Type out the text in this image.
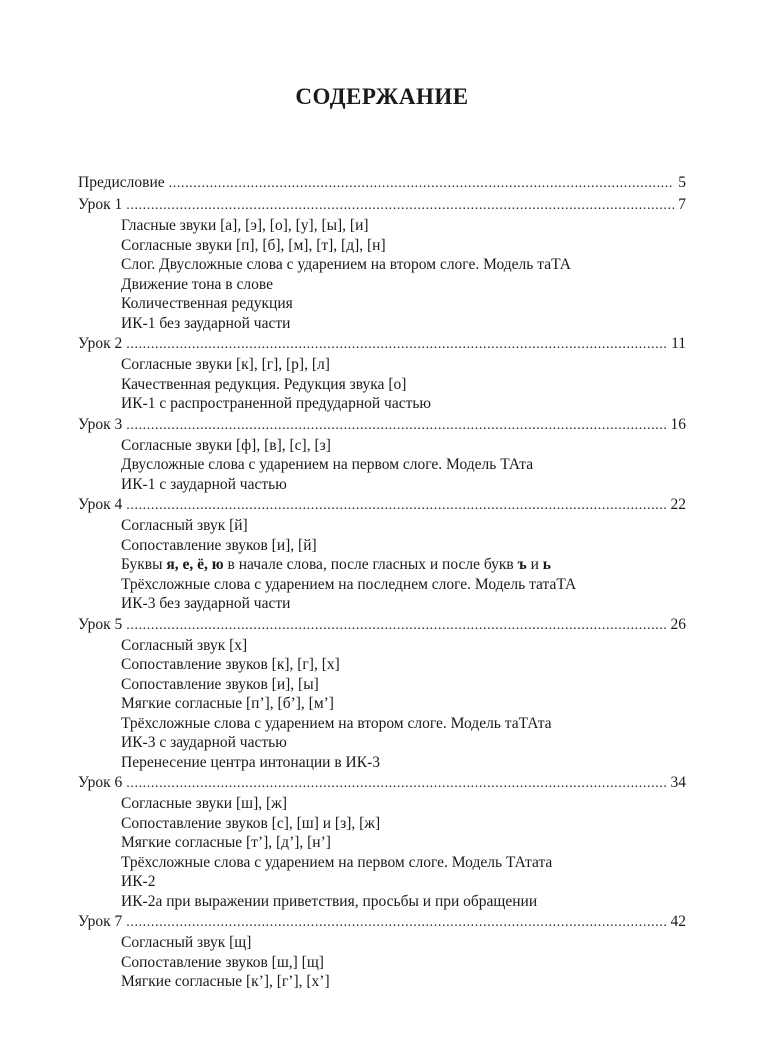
СОДЕРЖАНИЕ
Предисловие .....	5
Урок 1 .....	7
Гласные звуки [а], [э], [о], [у], [ы], [и]
Согласные звуки [п], [б], [м], [т], [д], [н]
Слог. Двусложные слова с ударением на втором слоге. Модель таТА
Движение тона в слове
Количественная редукция
ИК-1 без заударной части
Урок 2 .....	11
Согласные звуки [к], [г], [р], [л]
Качественная редукция. Редукция звука [о]
ИК-1 с распространенной предударной частью
Урок 3 .....	16
Согласные звуки [ф], [в], [с], [з]
Двусложные слова с ударением на первом слоге. Модель ТАта
ИК-1 с заударной частью
Урок 4 .....	22
Согласный звук [й]
Сопоставление звуков [и], [й]
Буквы я, е, ё, ю в начале слова, после гласных и после букв ъ и ь
Трёхсложные слова с ударением на последнем слоге. Модель татаТА
ИК-3 без заударной части
Урок 5 .....	26
Согласный звук [х]
Сопоставление звуков [к], [г], [х]
Сопоставление звуков [и], [ы]
Мягкие согласные [п’], [б’], [м’]
Трёхсложные слова с ударением на втором слоге. Модель таТАта
ИК-3 с заударной частью
Перенесение центра интонации в ИК-3
Урок 6 .....	34
Согласные звуки [ш], [ж]
Сопоставление звуков [с], [ш] и [з], [ж]
Мягкие согласные [т’], [д’], [н’]
Трёхсложные слова с ударением на первом слоге. Модель ТАтата
ИК-2
ИК-2а при выражении приветствия, просьбы и при обращении
Урок 7 .....	42
Согласный звук [щ]
Сопоставление звуков [ш,] [щ]
Мягкие согласные [к’], [г’], [х’]
